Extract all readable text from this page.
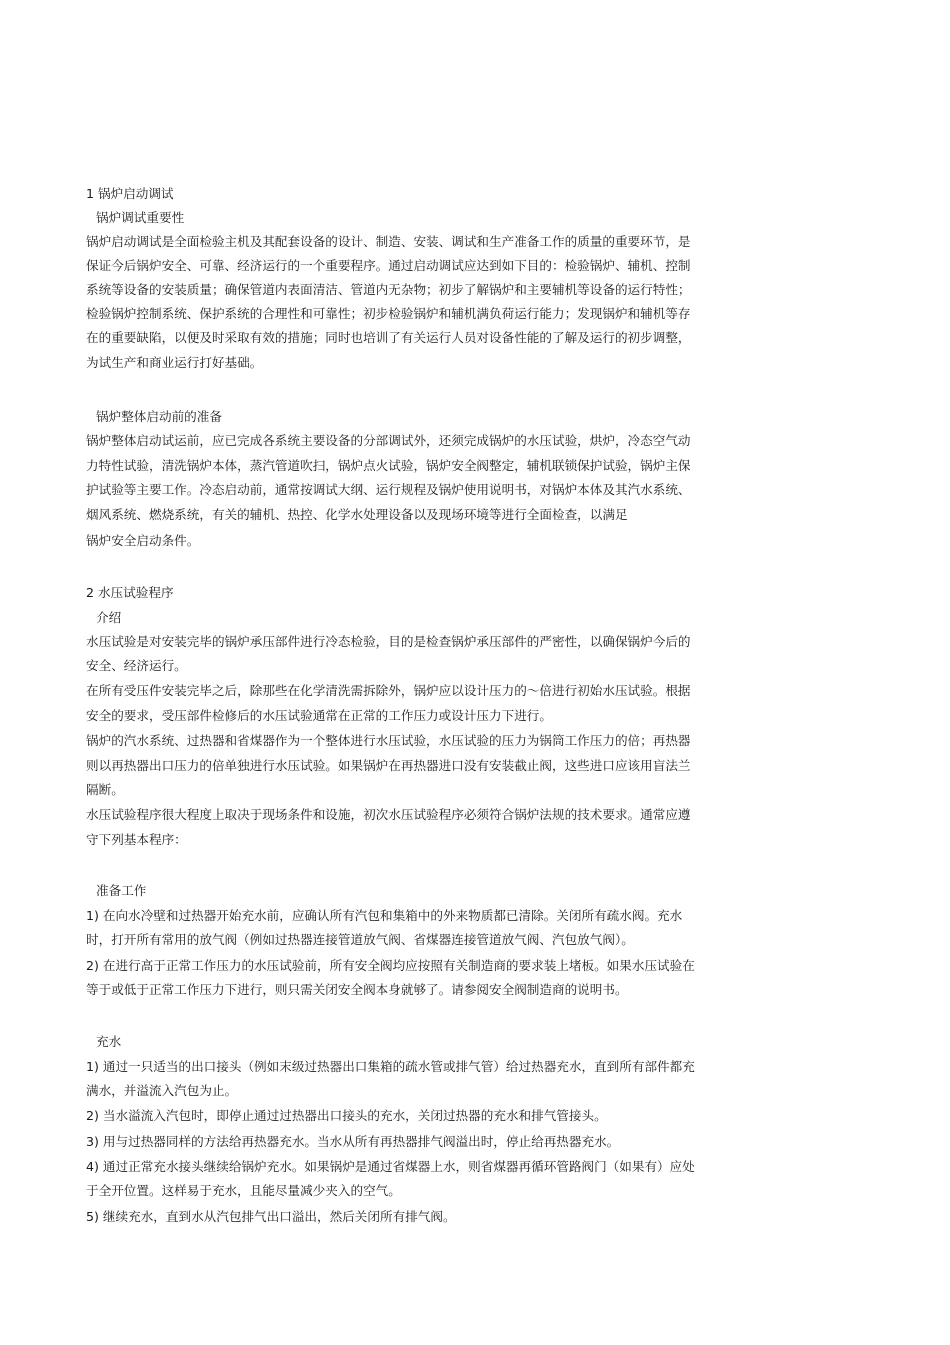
1 锅炉启动调试
锅炉调试重要性
锅炉启动调试是全面检验主机及其配套设备的设计、制造、安装、调试和生产准备工作的质量的重要环节，是
保证今后锅炉安全、可靠、经济运行的一个重要程序。通过启动调试应达到如下目的：检验锅炉、辅机、控制
系统等设备的安装质量；确保管道内表面清洁、管道内无杂物；初步了解锅炉和主要辅机等设备的运行特性；
检验锅炉控制系统、保护系统的合理性和可靠性；初步检验锅炉和辅机满负荷运行能力；发现锅炉和辅机等存
在的重要缺陷，以便及时采取有效的措施；同时也培训了有关运行人员对设备性能的了解及运行的初步调整，
为试生产和商业运行打好基础。
锅炉整体启动前的准备
锅炉整体启动试运前，应已完成各系统主要设备的分部调试外，还须完成锅炉的水压试验，烘炉，冷态空气动
力特性试验，清洗锅炉本体，蒸汽管道吹扫，锅炉点火试验，锅炉安全阀整定，辅机联锁保护试验，锅炉主保
护试验等主要工作。冷态启动前，通常按调试大纲、运行规程及锅炉使用说明书，对锅炉本体及其汽水系统、
烟风系统、燃烧系统，有关的辅机、热控、化学水处理设备以及现场环境等进行全面检查，以满足
锅炉安全启动条件。
2 水压试验程序
介绍
水压试验是对安装完毕的锅炉承压部件进行冷态检验，目的是检查锅炉承压部件的严密性，以确保锅炉今后的
安全、经济运行。
在所有受压件安装完毕之后，除那些在化学清洗需拆除外，锅炉应以设计压力的～倍进行初始水压试验。根据
安全的要求，受压部件检修后的水压试验通常在正常的工作压力或设计压力下进行。
锅炉的汽水系统、过热器和省煤器作为一个整体进行水压试验，水压试验的压力为锅筒工作压力的倍；再热器
则以再热器出口压力的倍单独进行水压试验。如果锅炉在再热器进口没有安装截止阀，这些进口应该用盲法兰
隔断。
水压试验程序很大程度上取决于现场条件和设施，初次水压试验程序必须符合锅炉法规的技术要求。通常应遵
守下列基本程序：
准备工作
1) 在向水冷壁和过热器开始充水前，应确认所有汽包和集箱中的外来物质都已清除。关闭所有疏水阀。充水
时，打开所有常用的放气阀（例如过热器连接管道放气阀、省煤器连接管道放气阀、汽包放气阀）。
2) 在进行高于正常工作压力的水压试验前，所有安全阀均应按照有关制造商的要求装上堵板。如果水压试验在
等于或低于正常工作压力下进行，则只需关闭安全阀本身就够了。请参阅安全阀制造商的说明书。
充水
1) 通过一只适当的出口接头（例如末级过热器出口集箱的疏水管或排气管）给过热器充水，直到所有部件都充
满水，并溢流入汽包为止。
2) 当水溢流入汽包时，即停止通过过热器出口接头的充水，关闭过热器的充水和排气管接头。
3) 用与过热器同样的方法给再热器充水。当水从所有再热器排气阀溢出时，停止给再热器充水。
4) 通过正常充水接头继续给锅炉充水。如果锅炉是通过省煤器上水，则省煤器再循环管路阀门（如果有）应处
于全开位置。这样易于充水，且能尽量减少夹入的空气。
5) 继续充水，直到水从汽包排气出口溢出，然后关闭所有排气阀。
